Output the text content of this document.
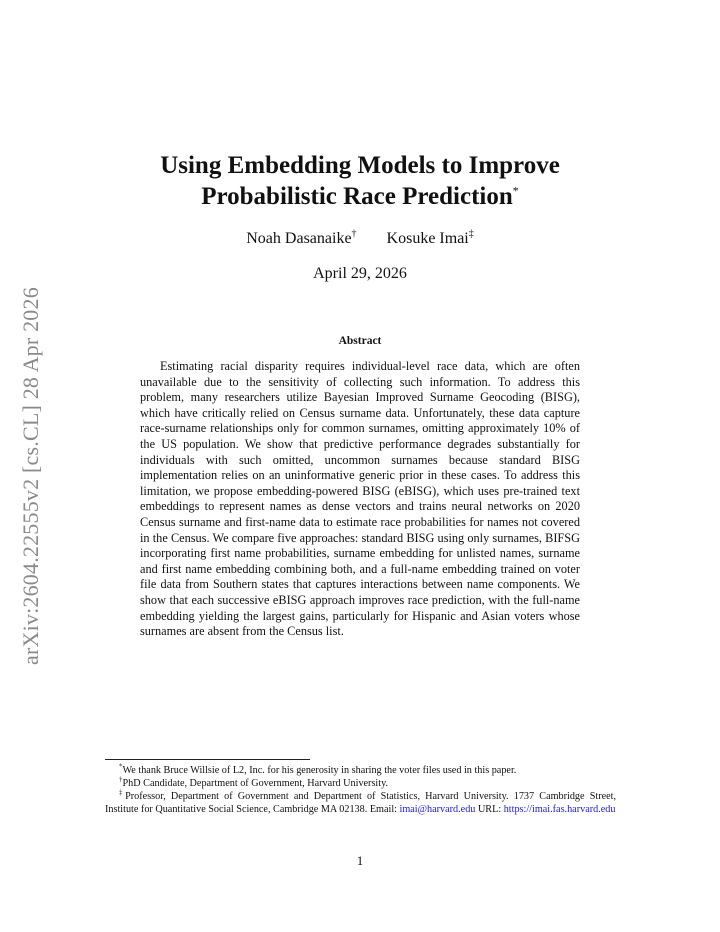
arXiv:2604.22555v2 [cs.CL] 28 Apr 2026
Using Embedding Models to Improve
Probabilistic Race Prediction*
Noah Dasanaike† Kosuke Imai‡
April 29, 2026
Abstract
Estimating racial disparity requires individual-level race data, which are often unavailable due to the sensitivity of collecting such information. To address this problem, many researchers utilize Bayesian Improved Surname Geocoding (BISG), which have critically relied on Census surname data. Unfortunately, these data capture race-surname relationships only for common surnames, omitting approximately 10% of the US population. We show that predictive performance degrades substantially for individuals with such omitted, uncommon surnames because standard BISG implementation relies on an uninformative generic prior in these cases. To address this limitation, we propose embedding-powered BISG (eBISG), which uses pre-trained text embeddings to represent names as dense vectors and trains neural networks on 2020 Census surname and first-name data to estimate race probabilities for names not covered in the Census. We compare five approaches: standard BISG using only surnames, BIFSG incorporating first name probabilities, surname embedding for unlisted names, surname and first name embedding combining both, and a full-name embedding trained on voter file data from Southern states that captures interactions between name components. We show that each successive eBISG approach improves race prediction, with the full-name embedding yielding the largest gains, particularly for Hispanic and Asian voters whose surnames are absent from the Census list.
*We thank Bruce Willsie of L2, Inc. for his generosity in sharing the voter files used in this paper.
†PhD Candidate, Department of Government, Harvard University.
‡Professor, Department of Government and Department of Statistics, Harvard University. 1737 Cambridge Street, Institute for Quantitative Social Science, Cambridge MA 02138. Email: imai@harvard.edu URL: https://imai.fas.harvard.edu
1
